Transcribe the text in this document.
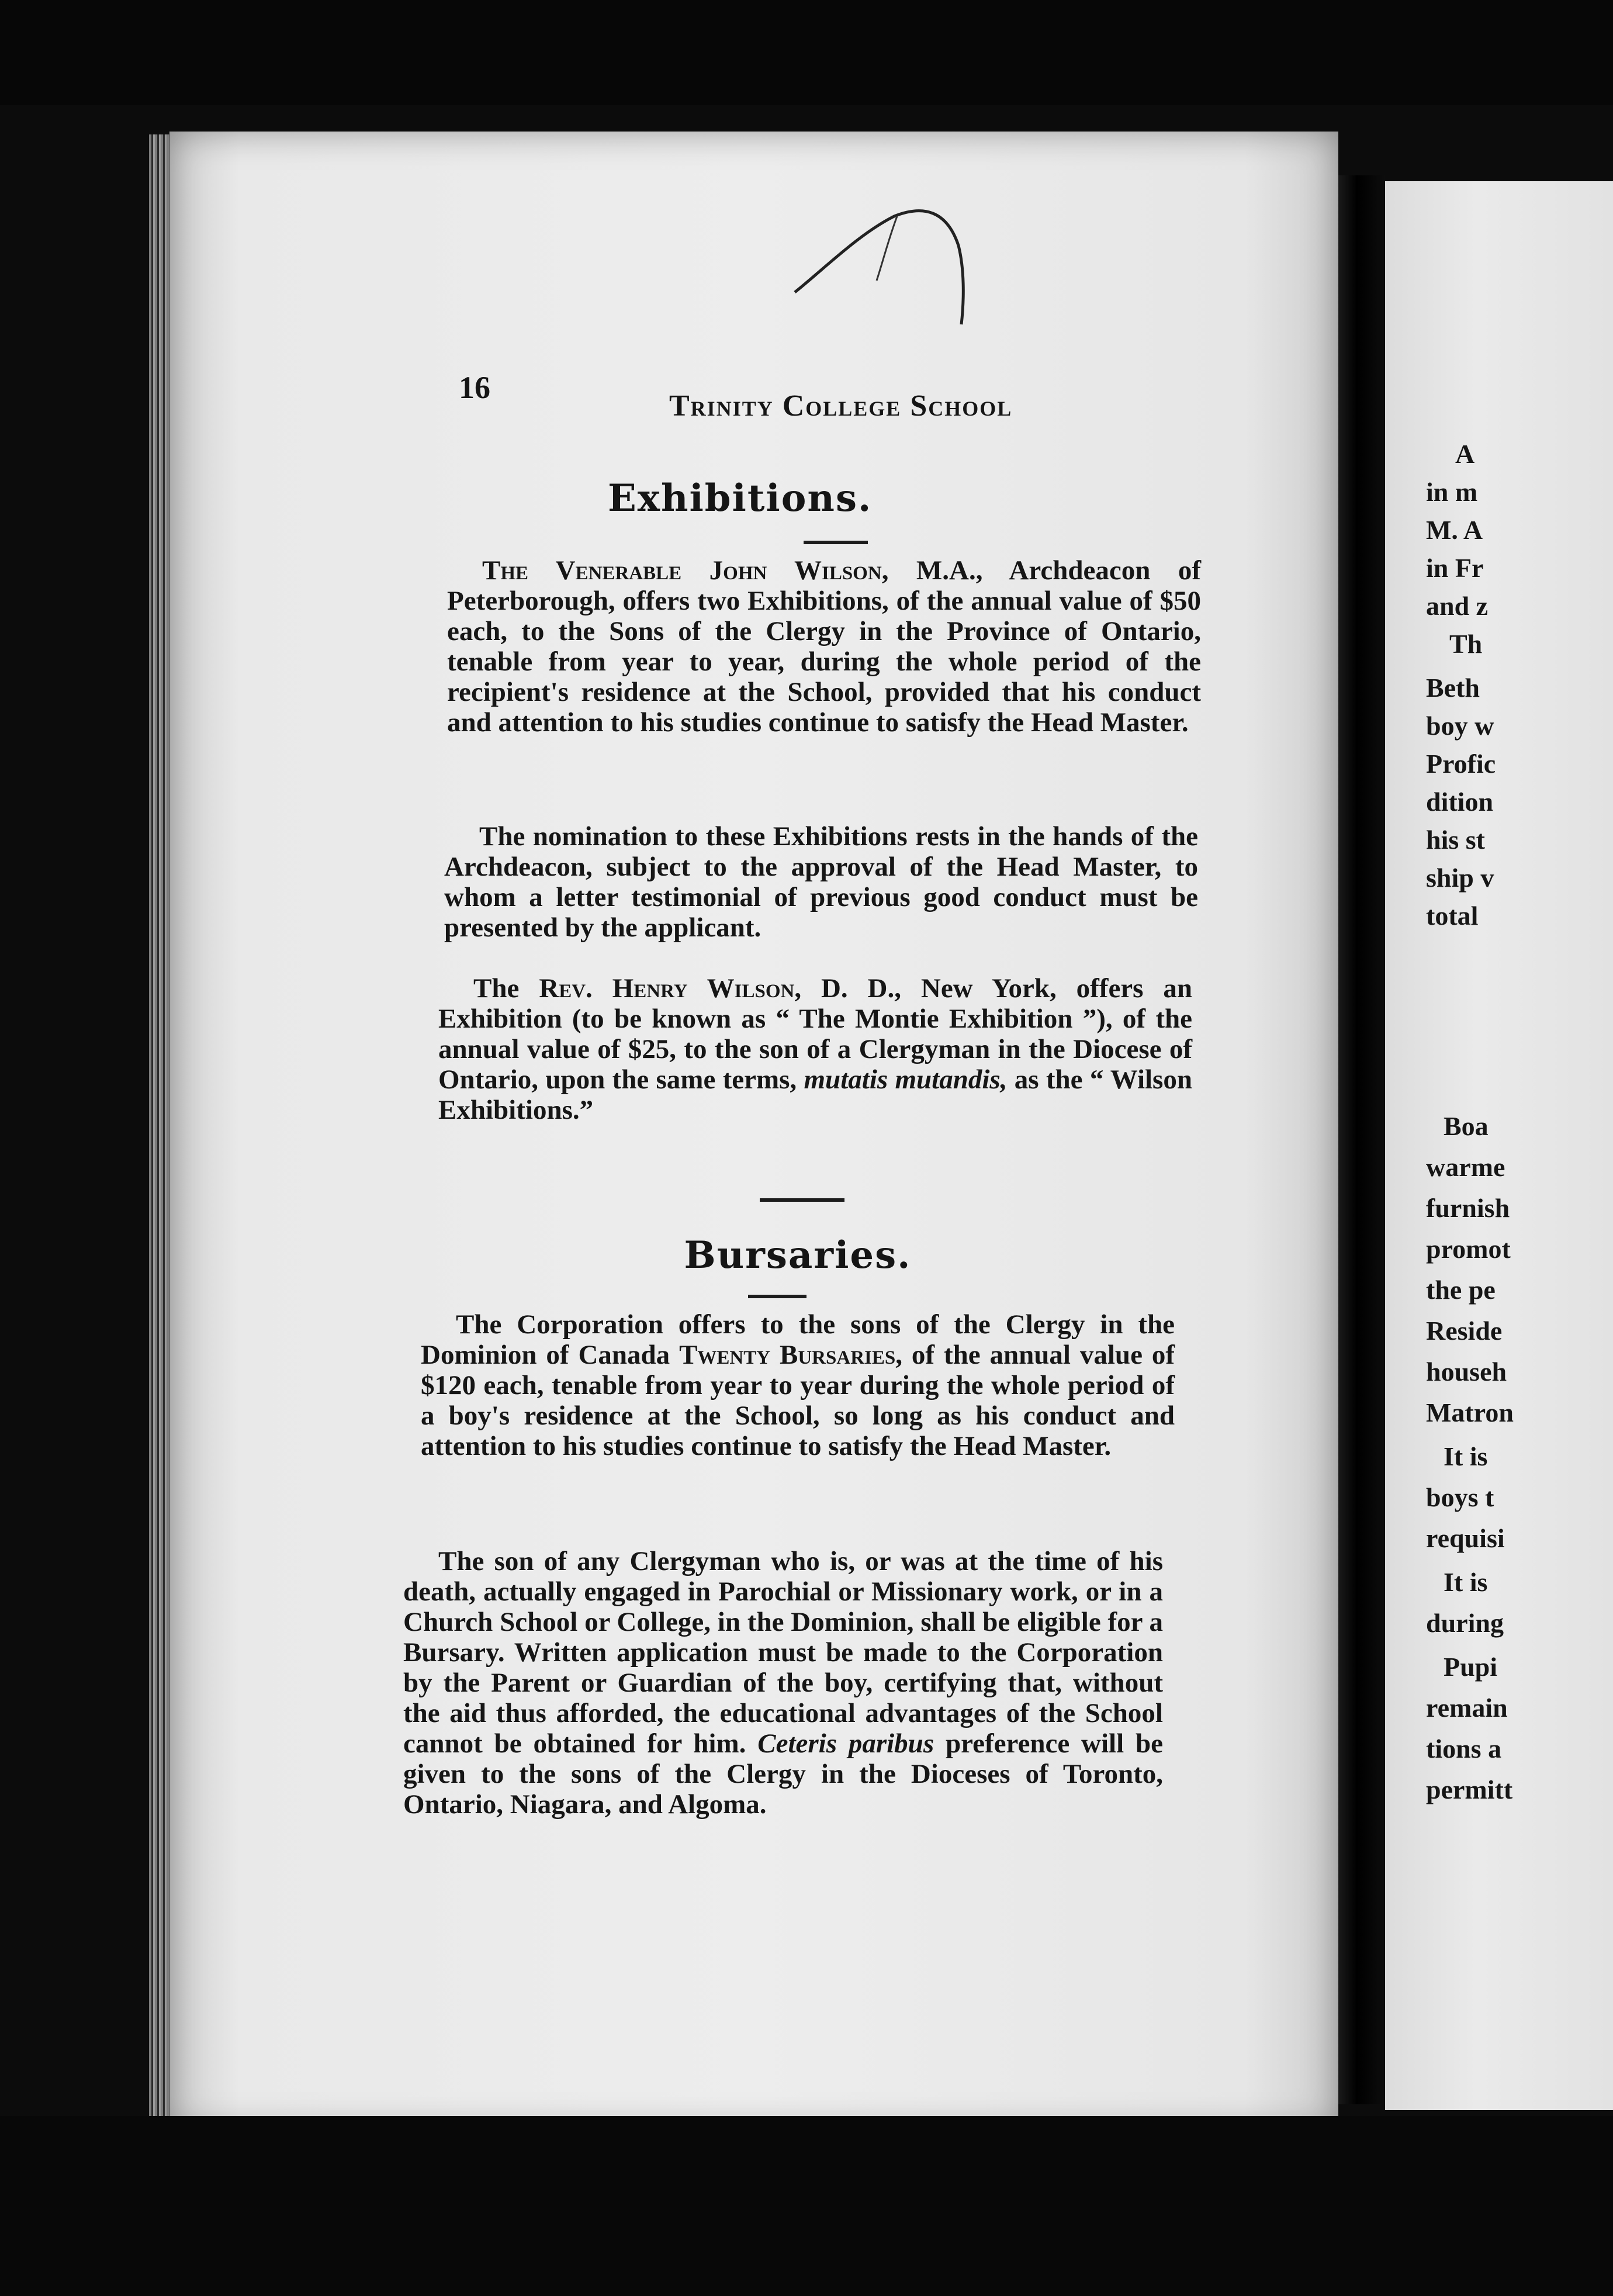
16
Trinity College School
Exhibitions.
The Venerable John Wilson, M.A., Archdeacon of Peterborough, offers two Exhibitions, of the annual value of $50 each, to the Sons of the Clergy in the Province of Ontario, tenable from year to year, during the whole period of the recipient's residence at the School, provided that his conduct and attention to his studies continue to satisfy the Head Master.
The nomination to these Exhibitions rests in the hands of the Archdeacon, subject to the approval of the Head Master, to whom a letter testimonial of previous good conduct must be presented by the applicant.
The Rev. Henry Wilson, D. D., New York, offers an Exhibition (to be known as “ The Montie Exhibition ”), of the annual value of $25, to the son of a Clergyman in the Diocese of Ontario, upon the same terms, mutatis mutandis, as the “ Wilson Exhibitions.”
Bursaries.
The Corporation offers to the sons of the Clergy in the Dominion of Canada Twenty Bursaries, of the annual value of $120 each, tenable from year to year during the whole period of a boy's residence at the School, so long as his conduct and attention to his studies continue to satisfy the Head Master.
The son of any Clergyman who is, or was at the time of his death, actually engaged in Parochial or Missionary work, or in a Church School or College, in the Dominion, shall be eligible for a Bursary. Written application must be made to the Corporation by the Parent or Guardian of the boy, certifying that, without the aid thus afforded, the educational advantages of the School cannot be obtained for him. Ceteris paribus preference will be given to the sons of the Clergy in the Dioceses of Toronto, Ontario, Niagara, and Algoma.
A
in m
M. A
in Fr
and z
Th
Beth
boy w
Profic
dition
his st
ship v
total
Boa
warme
furnish
promot
the pe
Reside
househ
Matron
It is
boys t
requisi
It is
during
Pupi
remain
tions a
permitt
